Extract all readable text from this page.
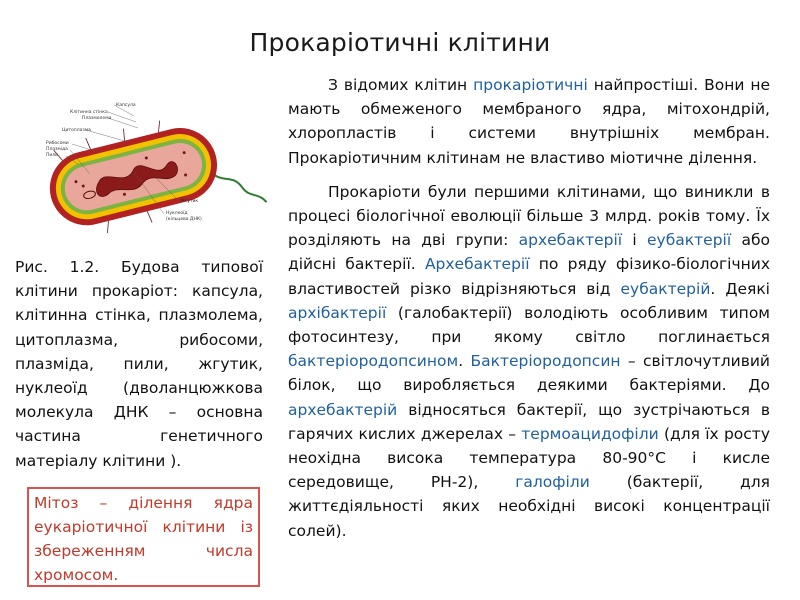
Прокаріотичні клітини

З відомих клітин прокаріотичні найпростіші. Вони не мають обмеженого мембраного ядра, мітохондрій, хлоропластів і системи внутрішніх мембран. Прокаріотичним клітинам не властиво міотичне ділення.

Прокаріоти були першими клітинами, що виникли в процесі біологічної еволюції більше 3 млрд. років тому. Їх розділяють на дві групи: архебактерії і еубактерії або дійсні бактерії. Архебактерії по ряду фізико-біологічних властивостей різко відрізняються від еубактерій. Деякі архібактерії (галобактерії) володіють особливим типом фотосинтезу, при якому світло поглинається бактеріородопсином. Бактеріородопсин – світлочутливий білок, що виробляється деякими бактеріями. До архебактерій відносяться бактерії, що зустрічаються в гарячих кислих джерелах – термоацидофіли (для їх росту неохідна висока температура 80-90°С і кисле середовище, РН-2), галофіли (бактерії, для життєдіяльності яких необхідні високі концентрації солей).

Капсула
Клітинна стінка
Плазмолема
Цитоплазма
Рибосоми
Плазміда
Пили
Жгутик
Нуклеоїд
(кільцева ДНК)
Рис. 1.2. Будова типової клітини прокаріот: капсула, клітинна стінка, плазмолема, цитоплазма, рибосоми, плазміда, пили, жгутик, нуклеоїд (дволанцюжкова молекула ДНК – основна частина генетичного матеріалу клітини ).
Мітоз – ділення ядра еукаріотичної клітини із збереженням числа хромосом.
